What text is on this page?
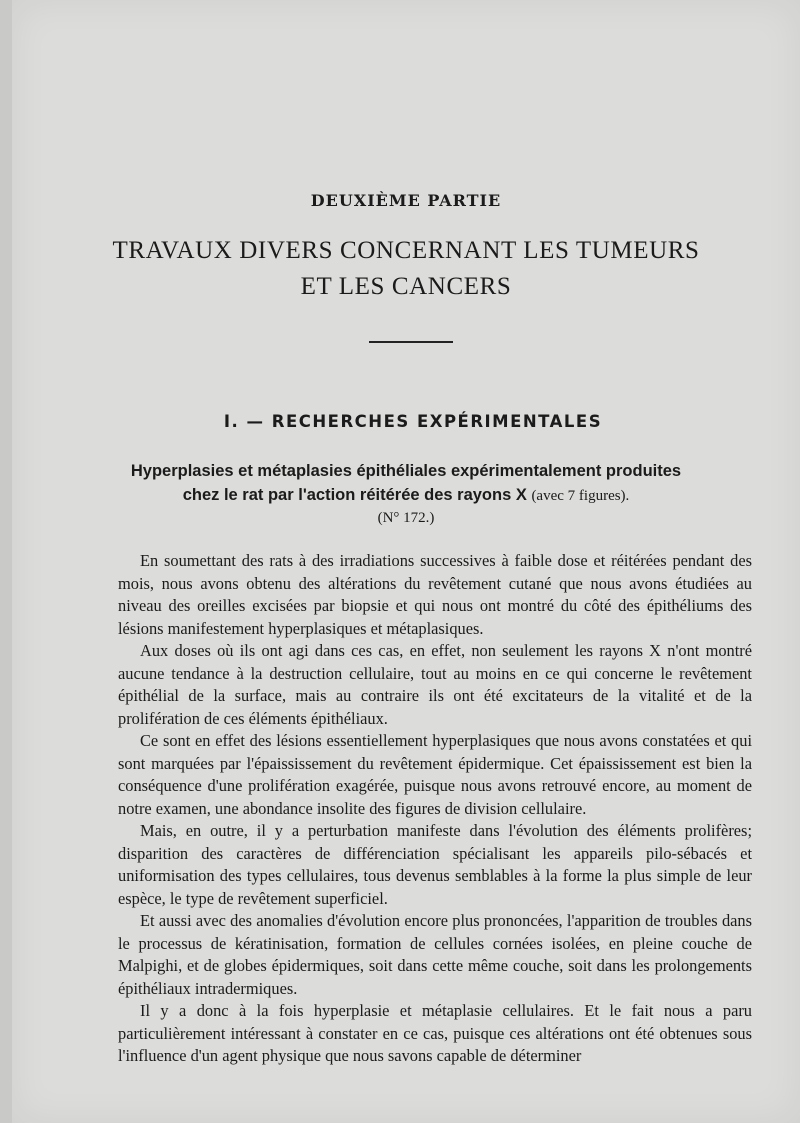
DEUXIÈME PARTIE
TRAVAUX DIVERS CONCERNANT LES TUMEURS
ET LES CANCERS
I. — RECHERCHES EXPÉRIMENTALES
Hyperplasies et métaplasies épithéliales expérimentalement produites
chez le rat par l'action réitérée des rayons X (avec 7 figures).
(N° 172.)

En soumettant des rats à des irradiations successives à faible dose et réitérées pendant des mois, nous avons obtenu des altérations du revêtement cutané que nous avons étudiées au niveau des oreilles excisées par biopsie et qui nous ont montré du côté des épithéliums des lésions manifestement hyperplasiques et métaplasiques.

Aux doses où ils ont agi dans ces cas, en effet, non seulement les rayons X n'ont montré aucune tendance à la destruction cellulaire, tout au moins en ce qui concerne le revêtement épithélial de la surface, mais au contraire ils ont été excitateurs de la vitalité et de la prolifération de ces éléments épithéliaux.

Ce sont en effet des lésions essentiellement hyperplasiques que nous avons constatées et qui sont marquées par l'épaississement du revêtement épidermique. Cet épaississement est bien la conséquence d'une prolifération exagérée, puisque nous avons retrouvé encore, au moment de notre examen, une abondance insolite des figures de division cellulaire.

Mais, en outre, il y a perturbation manifeste dans l'évolution des éléments prolifères; disparition des caractères de différenciation spécialisant les appareils pilo-sébacés et uniformisation des types cellulaires, tous devenus semblables à la forme la plus simple de leur espèce, le type de revêtement superficiel.

Et aussi avec des anomalies d'évolution encore plus prononcées, l'apparition de troubles dans le processus de kératinisation, formation de cellules cornées isolées, en pleine couche de Malpighi, et de globes épidermiques, soit dans cette même couche, soit dans les prolongements épithéliaux intradermiques.

Il y a donc à la fois hyperplasie et métaplasie cellulaires. Et le fait nous a paru particulièrement intéressant à constater en ce cas, puisque ces altérations ont été obtenues sous l'influence d'un agent physique que nous savons capable de déterminer
